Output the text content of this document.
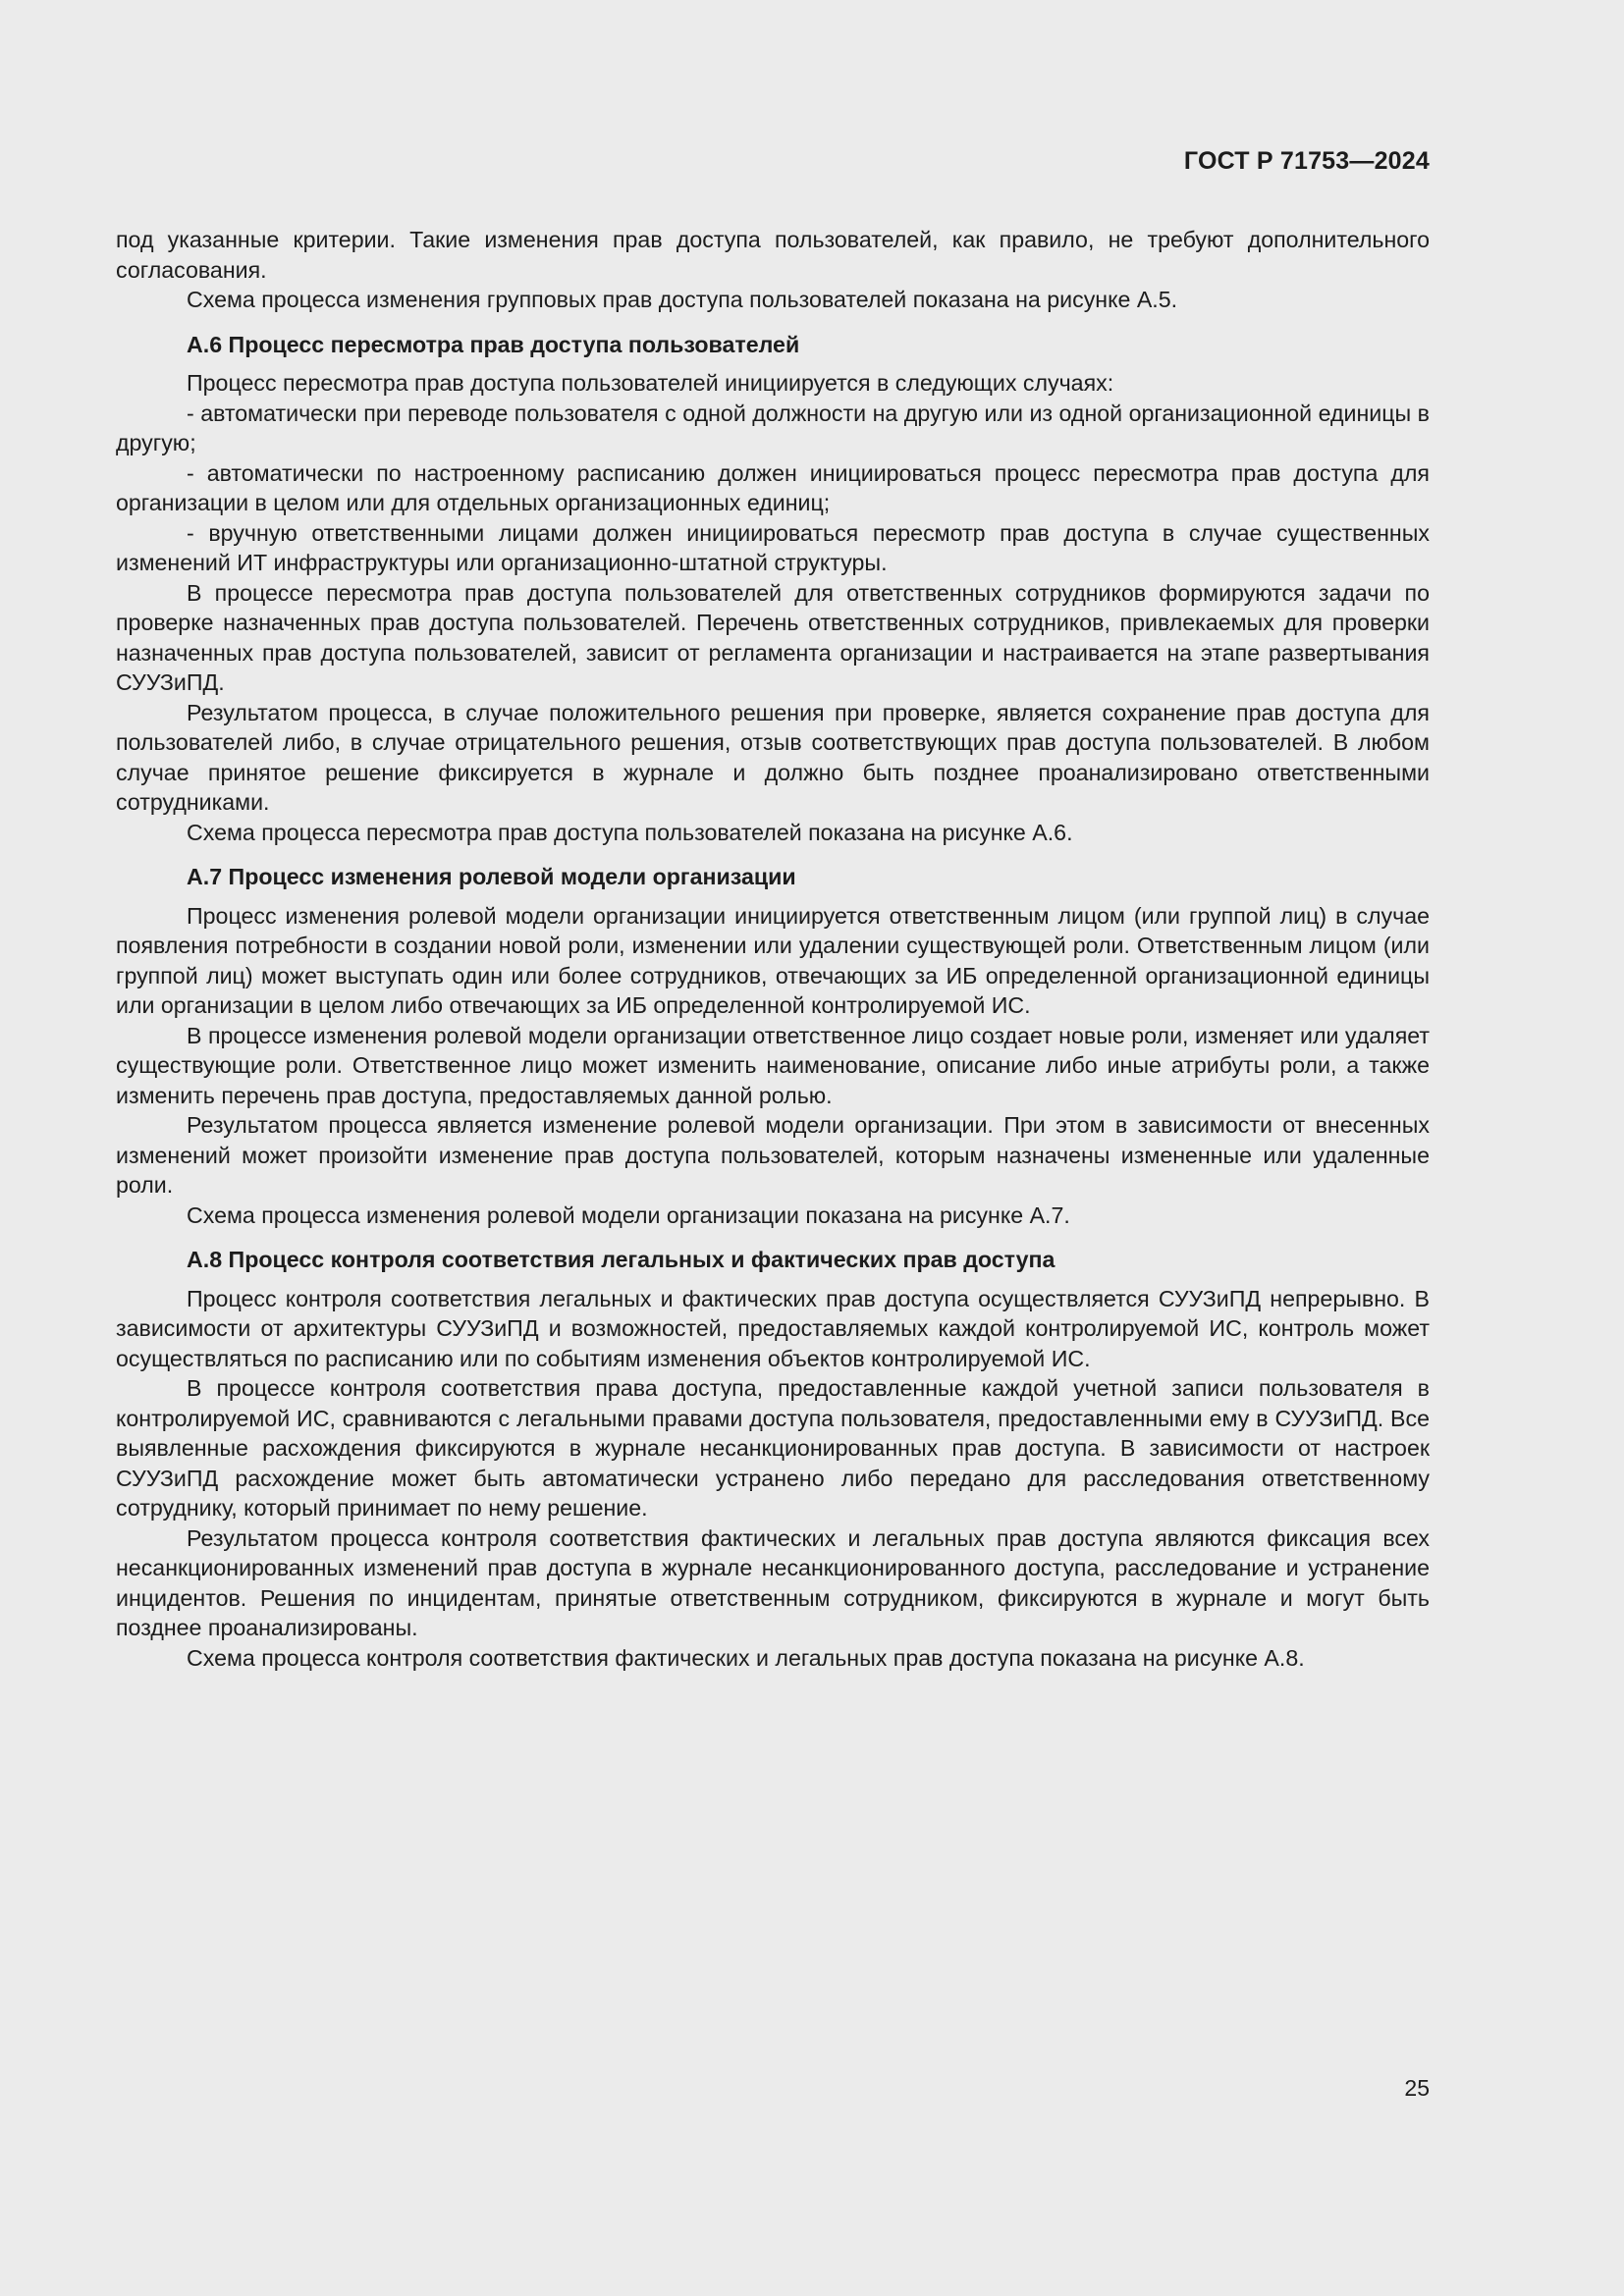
ГОСТ Р 71753—2024

под указанные критерии. Такие изменения прав доступа пользователей, как правило, не требуют дополнительного согласования.

Схема процесса изменения групповых прав доступа пользователей показана на рисунке А.5.

А.6 Процесс пересмотра прав доступа пользователей

Процесс пересмотра прав доступа пользователей инициируется в следующих случаях:

- автоматически при переводе пользователя с одной должности на другую или из одной организационной единицы в другую;

- автоматически по настроенному расписанию должен инициироваться процесс пересмотра прав доступа для организации в целом или для отдельных организационных единиц;

- вручную ответственными лицами должен инициироваться пересмотр прав доступа в случае существенных изменений ИТ инфраструктуры или организационно-штатной структуры.

В процессе пересмотра прав доступа пользователей для ответственных сотрудников формируются задачи по проверке назначенных прав доступа пользователей. Перечень ответственных сотрудников, привлекаемых для проверки назначенных прав доступа пользователей, зависит от регламента организации и настраивается на этапе развертывания СУУЗиПД.

Результатом процесса, в случае положительного решения при проверке, является сохранение прав доступа для пользователей либо, в случае отрицательного решения, отзыв соответствующих прав доступа пользователей. В любом случае принятое решение фиксируется в журнале и должно быть позднее проанализировано ответственными сотрудниками.

Схема процесса пересмотра прав доступа пользователей показана на рисунке А.6.

А.7 Процесс изменения ролевой модели организации

Процесс изменения ролевой модели организации инициируется ответственным лицом (или группой лиц) в случае появления потребности в создании новой роли, изменении или удалении существующей роли. Ответственным лицом (или группой лиц) может выступать один или более сотрудников, отвечающих за ИБ определенной организационной единицы или организации в целом либо отвечающих за ИБ определенной контролируемой ИС.

В процессе изменения ролевой модели организации ответственное лицо создает новые роли, изменяет или удаляет существующие роли. Ответственное лицо может изменить наименование, описание либо иные атрибуты роли, а также изменить перечень прав доступа, предоставляемых данной ролью.

Результатом процесса является изменение ролевой модели организации. При этом в зависимости от внесенных изменений может произойти изменение прав доступа пользователей, которым назначены измененные или удаленные роли.

Схема процесса изменения ролевой модели организации показана на рисунке А.7.

А.8 Процесс контроля соответствия легальных и фактических прав доступа

Процесс контроля соответствия легальных и фактических прав доступа осуществляется СУУЗиПД непрерывно. В зависимости от архитектуры СУУЗиПД и возможностей, предоставляемых каждой контролируемой ИС, контроль может осуществляться по расписанию или по событиям изменения объектов контролируемой ИС.

В процессе контроля соответствия права доступа, предоставленные каждой учетной записи пользователя в контролируемой ИС, сравниваются с легальными правами доступа пользователя, предоставленными ему в СУУЗиПД. Все выявленные расхождения фиксируются в журнале несанкционированных прав доступа. В зависимости от настроек СУУЗиПД расхождение может быть автоматически устранено либо передано для расследования ответственному сотруднику, который принимает по нему решение.

Результатом процесса контроля соответствия фактических и легальных прав доступа являются фиксация всех несанкционированных изменений прав доступа в журнале несанкционированного доступа, расследование и устранение инцидентов. Решения по инцидентам, принятые ответственным сотрудником, фиксируются в журнале и могут быть позднее проанализированы.

Схема процесса контроля соответствия фактических и легальных прав доступа показана на рисунке А.8.

25
